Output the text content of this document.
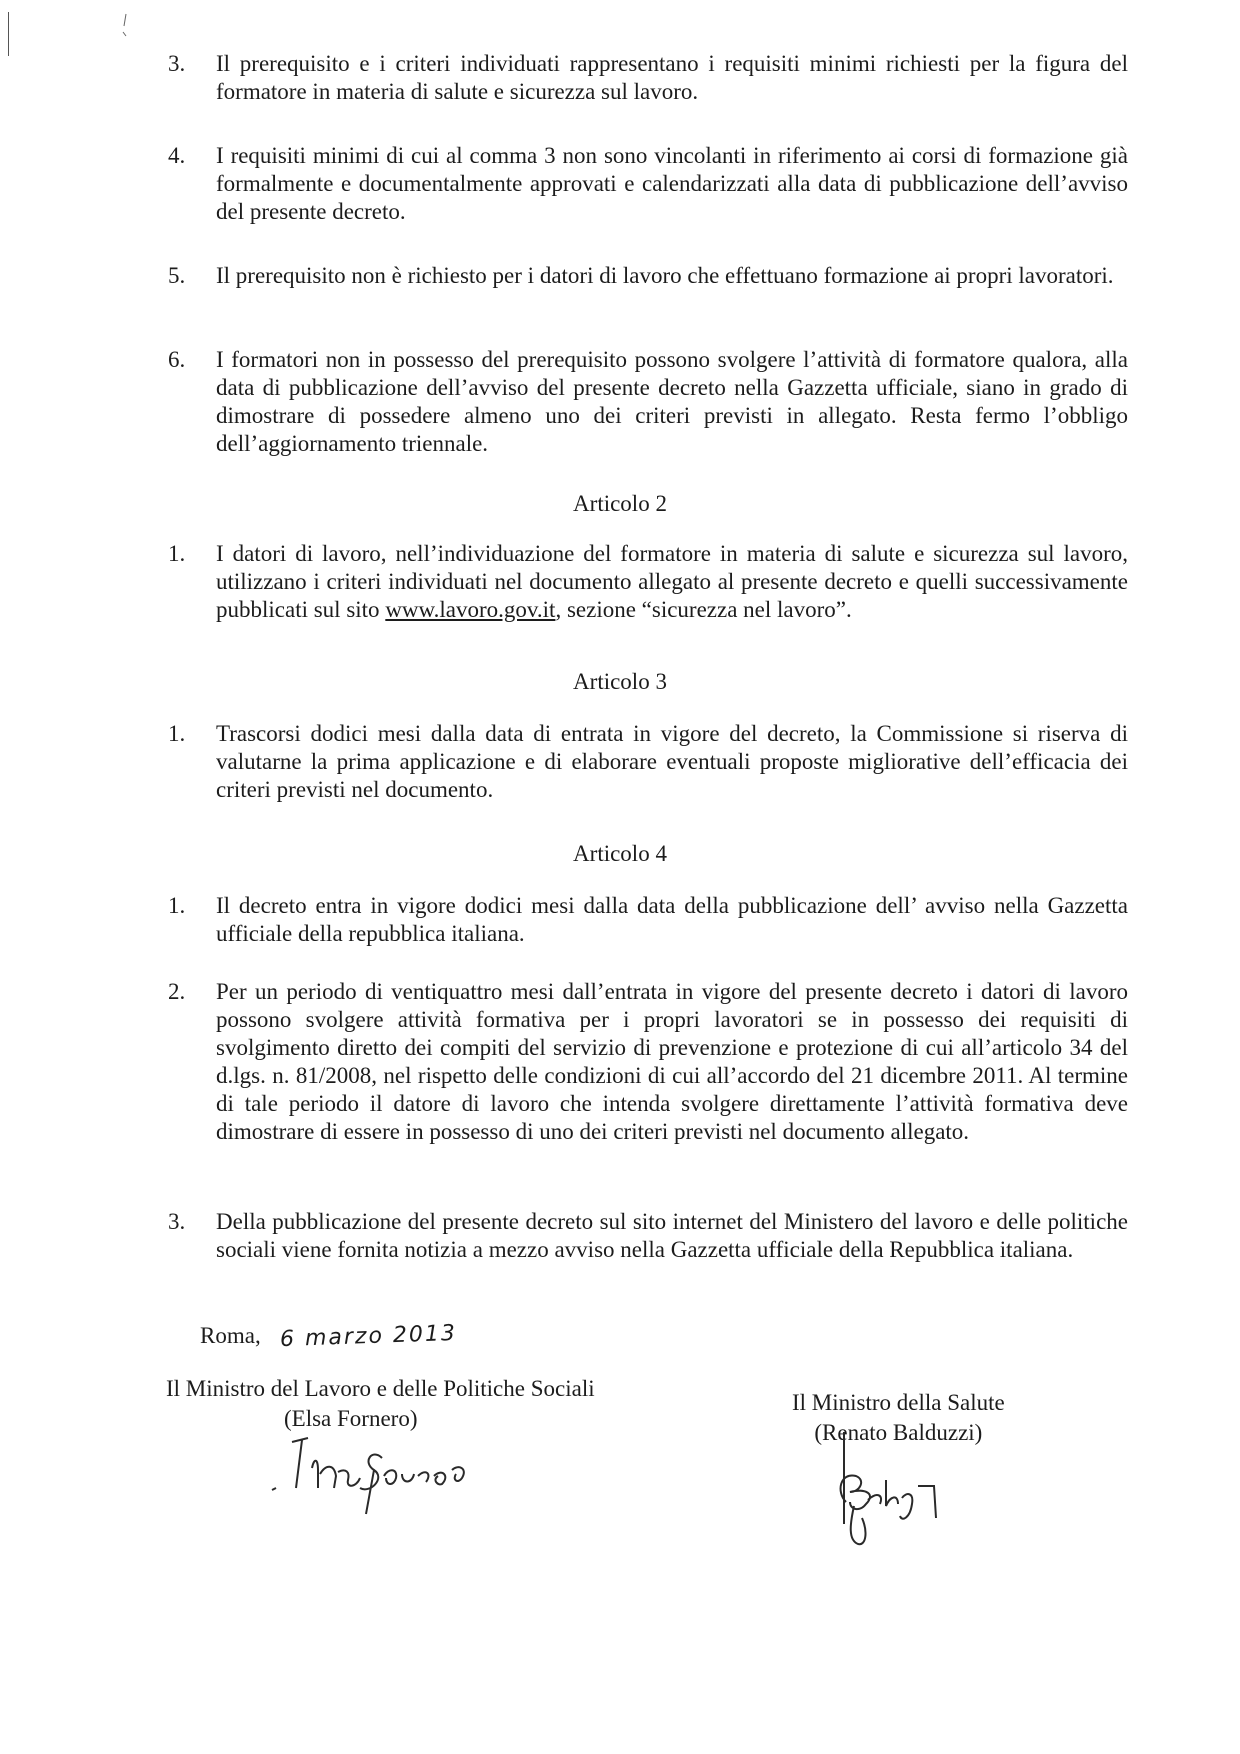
3. Il prerequisito e i criteri individuati rappresentano i requisiti minimi richiesti per la figura del formatore in materia di salute e sicurezza sul lavoro.
4. I requisiti minimi di cui al comma 3 non sono vincolanti in riferimento ai corsi di formazione già formalmente e documentalmente approvati e calendarizzati alla data di pubblicazione dell’avviso del presente decreto.
5. Il prerequisito non è richiesto per i datori di lavoro che effettuano formazione ai propri lavoratori.
6. I formatori non in possesso del prerequisito possono svolgere l’attività di formatore qualora, alla data di pubblicazione dell’avviso del presente decreto nella Gazzetta ufficiale, siano in grado di dimostrare di possedere almeno uno dei criteri previsti in allegato. Resta fermo l’obbligo dell’aggiornamento triennale.
Articolo 2
1. I datori di lavoro, nell’individuazione del formatore in materia di salute e sicurezza sul lavoro, utilizzano i criteri individuati nel documento allegato al presente decreto e quelli successivamente pubblicati sul sito www.lavoro.gov.it, sezione “sicurezza nel lavoro”.
Articolo 3
1. Trascorsi dodici mesi dalla data di entrata in vigore del decreto, la Commissione si riserva di valutarne la prima applicazione e di elaborare eventuali proposte migliorative dell’efficacia dei criteri previsti nel documento.
Articolo 4
1. Il decreto entra in vigore dodici mesi dalla data della pubblicazione dell’ avviso nella Gazzetta ufficiale della repubblica italiana.
2. Per un periodo di ventiquattro mesi dall’entrata in vigore del presente decreto i datori di lavoro possono svolgere attività formativa per i propri lavoratori se in possesso dei requisiti di svolgimento diretto dei compiti del servizio di prevenzione e protezione di cui all’articolo 34 del d.lgs. n. 81/2008, nel rispetto delle condizioni di cui all’accordo del 21 dicembre 2011. Al termine di tale periodo il datore di lavoro che intenda svolgere direttamente l’attività formativa deve dimostrare di essere in possesso di uno dei criteri previsti nel documento allegato.
3. Della pubblicazione del presente decreto sul sito internet del Ministero del lavoro e delle politiche sociali viene fornita notizia a mezzo avviso nella Gazzetta ufficiale della Repubblica italiana.
Roma, 6 marzo 2013
Il Ministro del Lavoro e delle Politiche Sociali
(Elsa Fornero)
Il Ministro della Salute
(Renato Balduzzi)
